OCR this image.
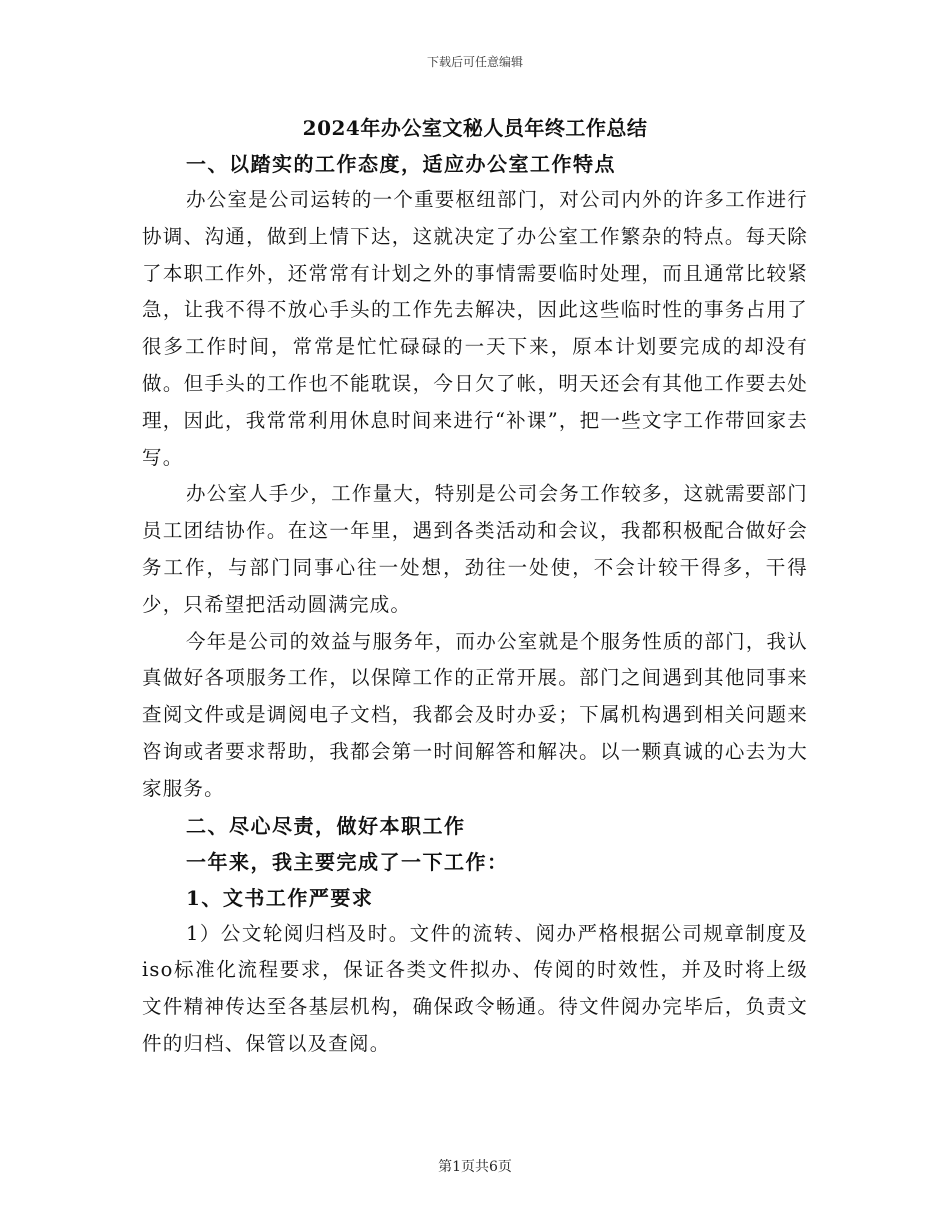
下载后可任意编辑
2024年办公室文秘人员年终工作总结

一、以踏实的工作态度，适应办公室工作特点

办公室是公司运转的一个重要枢纽部门，对公司内外的许多工作进行协调、沟通，做到上情下达，这就决定了办公室工作繁杂的特点。每天除了本职工作外，还常常有计划之外的事情需要临时处理，而且通常比较紧急，让我不得不放心手头的工作先去解决，因此这些临时性的事务占用了很多工作时间，常常是忙忙碌碌的一天下来，原本计划要完成的却没有做。但手头的工作也不能耽误，今日欠了帐，明天还会有其他工作要去处理，因此，我常常利用休息时间来进行“补课”，把一些文字工作带回家去写。

办公室人手少，工作量大，特别是公司会务工作较多，这就需要部门员工团结协作。在这一年里，遇到各类活动和会议，我都积极配合做好会务工作，与部门同事心往一处想，劲往一处使，不会计较干得多，干得少，只希望把活动圆满完成。

今年是公司的效益与服务年，而办公室就是个服务性质的部门，我认真做好各项服务工作，以保障工作的正常开展。部门之间遇到其他同事来查阅文件或是调阅电子文档，我都会及时办妥；下属机构遇到相关问题来咨询或者要求帮助，我都会第一时间解答和解决。以一颗真诚的心去为大家服务。

二、尽心尽责，做好本职工作

一年来，我主要完成了一下工作：

1、文书工作严要求

1）公文轮阅归档及时。文件的流转、阅办严格根据公司规章制度及iso标准化流程要求，保证各类文件拟办、传阅的时效性，并及时将上级文件精神传达至各基层机构，确保政令畅通。待文件阅办完毕后，负责文件的归档、保管以及查阅。

第1页共6页
